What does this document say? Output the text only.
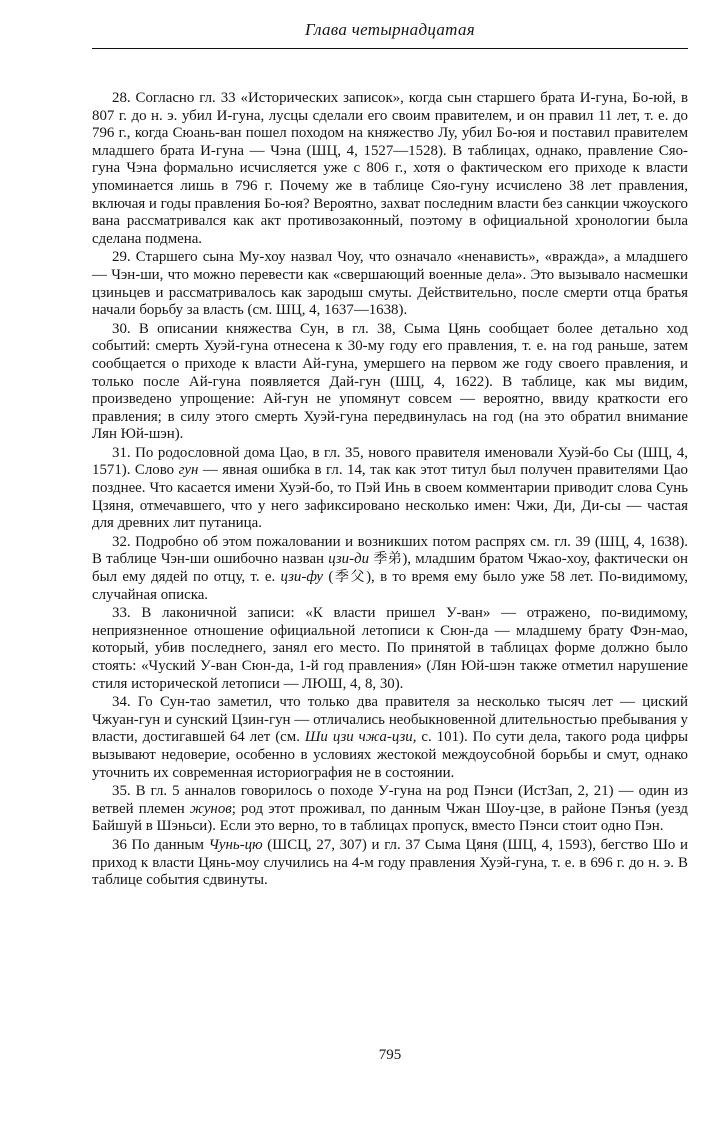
Глава четырнадцатая

28. Согласно гл. 33 «Исторических записок», когда сын старшего брата И-гуна, Бо-юй, в 807 г. до н. э. убил И-гуна, лусцы сделали его своим правителем, и он правил 11 лет, т. е. до 796 г., когда Сюань-ван пошел походом на княжество Лу, убил Бо-юя и поставил правителем младшего брата И-гуна — Чэна (ШЦ, 4, 1527—1528). В таблицах, однако, правление Сяо-гуна Чэна формально исчисляется уже с 806 г., хотя о фактическом его приходе к власти упоминается лишь в 796 г. Почему же в таблице Сяо-гуну исчислено 38 лет правления, включая и годы правления Бо-юя? Вероятно, захват последним власти без санкции чжоуского вана рассматривался как акт противозаконный, поэтому в официальной хронологии была сделана подмена.

29. Старшего сына Му-хоу назвал Чоу, что означало «ненависть», «вражда», а младшего — Чэн-ши, что можно перевести как «свершающий военные дела». Это вызывало насмешки цзиньцев и рассматривалось как зародыш смуты. Действительно, после смерти отца братья начали борьбу за власть (см. ШЦ, 4, 1637—1638).

30. В описании княжества Сун, в гл. 38, Сыма Цянь сообщает более детально ход событий: смерть Хуэй-гуна отнесена к 30-му году его правления, т. е. на год раньше, затем сообщается о приходе к власти Ай-гуна, умершего на первом же году своего правления, и только после Ай-гуна появляется Дай-гун (ШЦ, 4, 1622). В таблице, как мы видим, произведено упрощение: Ай-гун не упомянут совсем — вероятно, ввиду краткости его правления; в силу этого смерть Хуэй-гуна передвинулась на год (на это обратил внимание Лян Юй-шэн).

31. По родословной дома Цао, в гл. 35, нового правителя именовали Хуэй-бо Сы (ШЦ, 4, 1571). Слово гун — явная ошибка в гл. 14, так как этот титул был получен правителями Цао позднее. Что касается имени Хуэй-бо, то Пэй Инь в своем комментарии приводит слова Сунь Цзяня, отмечавшего, что у него зафиксировано несколько имен: Чжи, Ди, Ди-сы — частая для древних лит путаница.

32. Подробно об этом пожаловании и возникших потом распрях см. гл. 39 (ШЦ, 4, 1638). В таблице Чэн-ши ошибочно назван цзи-ди 季弟), младшим братом Чжао-хоу, фактически он был ему дядей по отцу, т. е. цзи-фу (季父), в то время ему было уже 58 лет. По-видимому, случайная описка.

33. В лаконичной записи: «К власти пришел У-ван» — отражено, по-видимому, неприязненное отношение официальной летописи к Сюн-да — младшему брату Фэн-мао, который, убив последнего, занял его место. По принятой в таблицах форме должно было стоять: «Чуский У-ван Сюн-да, 1-й год правления» (Лян Юй-шэн также отметил нарушение стиля исторической летописи — ЛЮШ, 4, 8, 30).

34. Го Сун-тао заметил, что только два правителя за несколько тысяч лет — циский Чжуан-гун и сунский Цзин-гун — отличались необыкновенной длительностью пребывания у власти, достигавшей 64 лет (см. Ши цзи чжа-цзи, с. 101). По сути дела, такого рода цифры вызывают недоверие, особенно в условиях жестокой междоусобной борьбы и смут, однако уточнить их современная историография не в состоянии.

35. В гл. 5 анналов говорилось о походе У-гуна на род Пэнси (ИстЗап, 2, 21) — один из ветвей племен жунов; род этот проживал, по данным Чжан Шоу-цзе, в районе Пэнъя (уезд Байшуй в Шэньси). Если это верно, то в таблицах пропуск, вместо Пэнси стоит одно Пэн.

36 По данным Чунь-цю (ШСЦ, 27, 307) и гл. 37 Сыма Цяня (ШЦ, 4, 1593), бегство Шо и приход к власти Цянь-моу случились на 4-м году правления Хуэй-гуна, т. е. в 696 г. до н. э. В таблице события сдвинуты.

795
